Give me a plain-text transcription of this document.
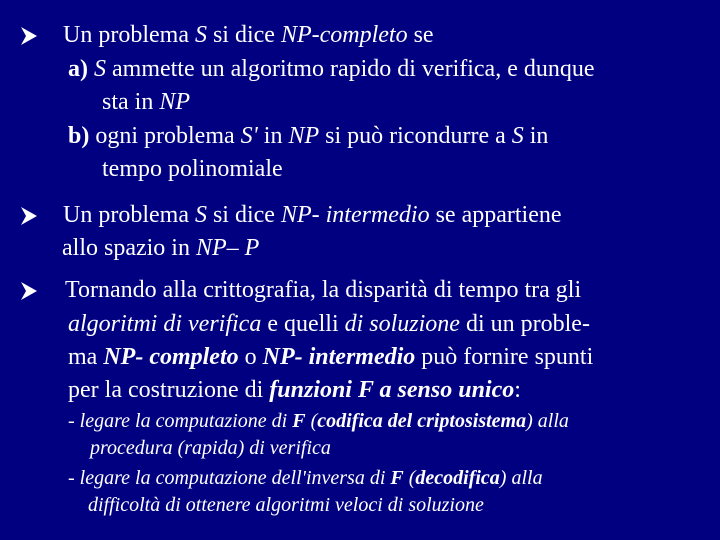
Un problema S si dice NP-completo se
a) S ammette un algoritmo rapido di verifica, e dunque
sta in NP
b) ogni problema S' in NP si può ricondurre a S in
tempo polinomiale
Un problema S si dice NP- intermedio se appartiene
allo spazio in NP– P
Tornando alla crittografia, la disparità di tempo tra gli
algoritmi di verifica e quelli di soluzione di un proble-
ma NP- completo o NP- intermedio può fornire spunti
per la costruzione di funzioni F a senso unico:
- legare la computazione di F (codifica del criptosistema) alla
procedura (rapida) di verifica
- legare la computazione dell'inversa di F (decodifica) alla
difficoltà di ottenere algoritmi veloci di soluzione
